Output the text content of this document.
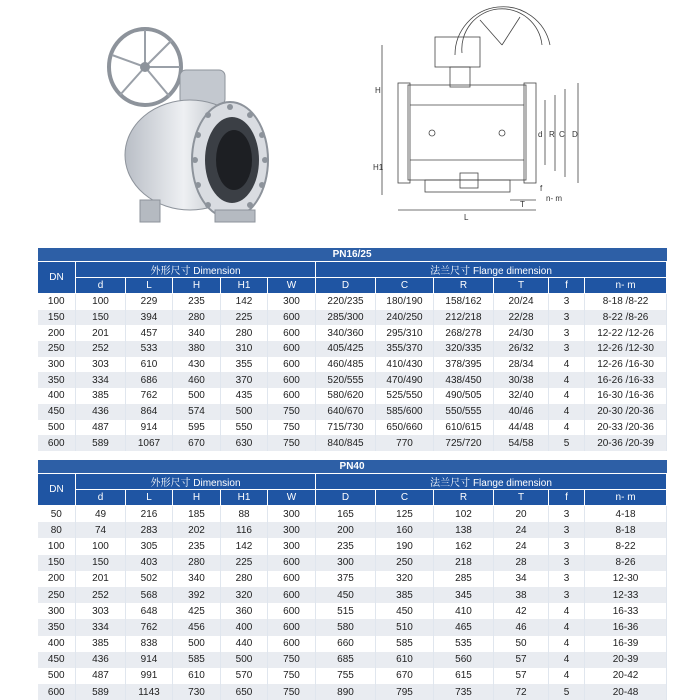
H
H1
L
d R C D
f
T
n- m
PN16/25											
DN	外形尺寸 Dimension					法兰尺寸 Flange dimension					
	d	L	H	H1	W	D	C	R	T	f	n- m
100	100	229	235	142	300	220/235	180/190	158/162	20/24	3	8-18 /8-22
150	150	394	280	225	600	285/300	240/250	212/218	22/28	3	8-22 /8-26
200	201	457	340	280	600	340/360	295/310	268/278	24/30	3	12-22 /12-26
250	252	533	380	310	600	405/425	355/370	320/335	26/32	3	12-26 /12-30
300	303	610	430	355	600	460/485	410/430	378/395	28/34	4	12-26 /16-30
350	334	686	460	370	600	520/555	470/490	438/450	30/38	4	16-26 /16-33
400	385	762	500	435	600	580/620	525/550	490/505	32/40	4	16-30 /16-36
450	436	864	574	500	750	640/670	585/600	550/555	40/46	4	20-30 /20-36
500	487	914	595	550	750	715/730	650/660	610/615	44/48	4	20-33 /20-36
600	589	1067	670	630	750	840/845	770	725/720	54/58	5	20-36 /20-39
PN40											
DN	外形尺寸 Dimension					法兰尺寸 Flange dimension					
	d	L	H	H1	W	D	C	R	T	f	n- m
50	49	216	185	88	300	165	125	102	20	3	4-18
80	74	283	202	116	300	200	160	138	24	3	8-18
100	100	305	235	142	300	235	190	162	24	3	8-22
150	150	403	280	225	600	300	250	218	28	3	8-26
200	201	502	340	280	600	375	320	285	34	3	12-30
250	252	568	392	320	600	450	385	345	38	3	12-33
300	303	648	425	360	600	515	450	410	42	4	16-33
350	334	762	456	400	600	580	510	465	46	4	16-36
400	385	838	500	440	600	660	585	535	50	4	16-39
450	436	914	585	500	750	685	610	560	57	4	20-39
500	487	991	610	570	750	755	670	615	57	4	20-42
600	589	1143	730	650	750	890	795	735	72	5	20-48
